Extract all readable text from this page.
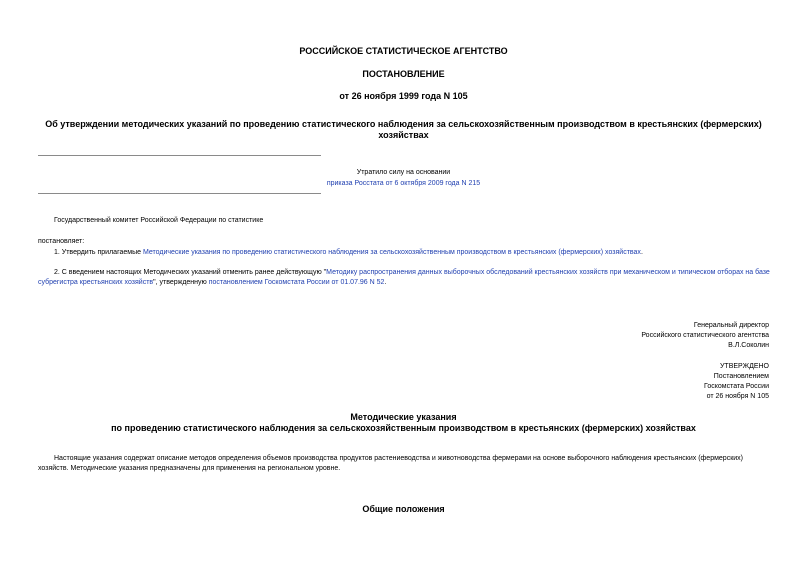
РОССИЙСКОЕ СТАТИСТИЧЕСКОЕ АГЕНТСТВО
ПОСТАНОВЛЕНИЕ
от 26 ноября 1999 года N 105
Об утверждении методических указаний по проведению статистического наблюдения за сельскохозяйственным производством в крестьянских (фермерских) хозяйствах
Утратило силу на основании
приказа Росстата от 6 октября 2009 года N 215
Государственный комитет Российской Федерации по статистике
постановляет:
1. Утвердить прилагаемые Методические указания по проведению статистического наблюдения за сельскохозяйственным производством в крестьянских (фермерских) хозяйствах.
2. С введением настоящих Методических указаний отменить ранее действующую "Методику распространения данных выборочных обследований крестьянских хозяйств при механическом и типическом отборах на базе субрегистра крестьянских хозяйств", утвержденную постановлением Госкомстата России от 01.07.96 N 52.
Генеральный директор
Российского статистического агентства
В.Л.Соколин
УТВЕРЖДЕНО
Постановлением
Госкомстата России
от 26 ноября N 105
Методические указания
по проведению статистического наблюдения за сельскохозяйственным производством в крестьянских (фермерских) хозяйствах
Настоящие указания содержат описание методов определения объемов производства продуктов растениеводства и животноводства фермерами на основе выборочного наблюдения крестьянских (фермерских) хозяйств. Методические указания предназначены для применения на региональном уровне.
Общие положения
